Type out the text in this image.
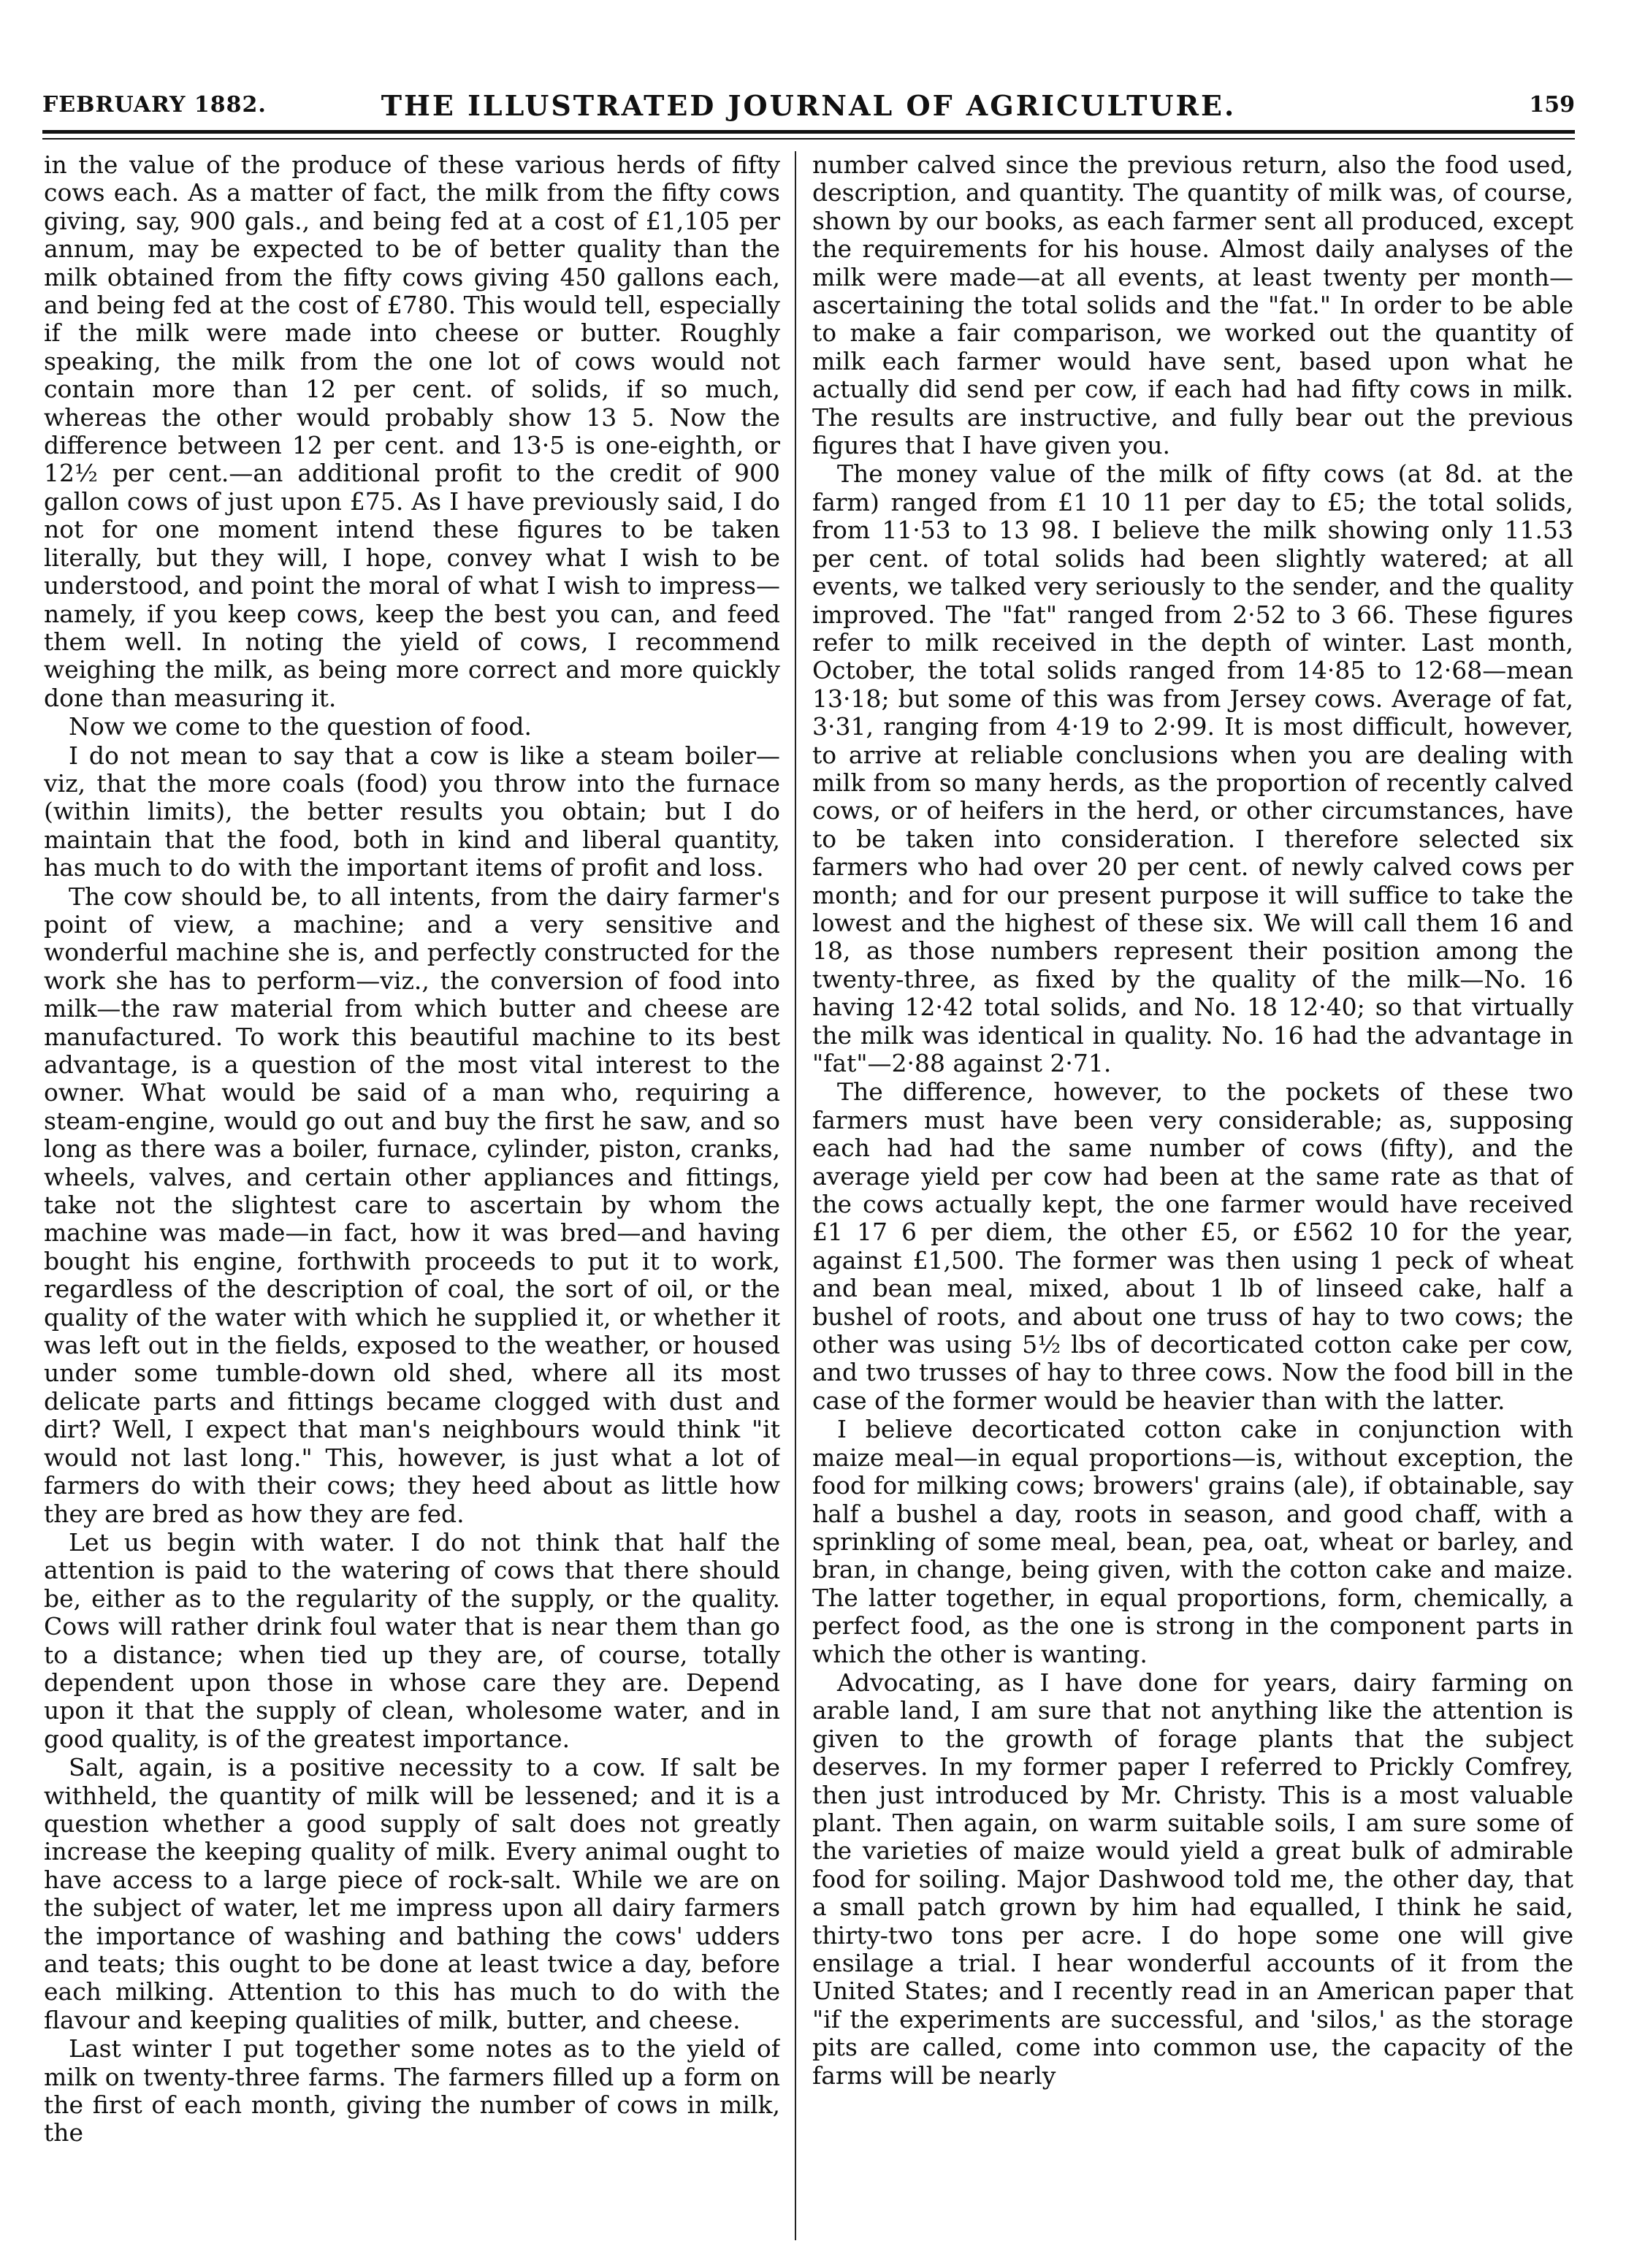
FEBRUARY 1882.	THE ILLUSTRATED JOURNAL OF AGRICULTURE.	159

in the value of the produce of these various herds of fifty cows each. As a matter of fact, the milk from the fifty cows giving, say, 900 gals., and being fed at a cost of £1,105 per annum, may be expected to be of better quality than the milk obtained from the fifty cows giving 450 gallons each, and being fed at the cost of £780. This would tell, especially if the milk were made into cheese or butter. Roughly speaking, the milk from the one lot of cows would not contain more than 12 per cent. of solids, if so much, whereas the other would probably show 13 5. Now the difference between 12 per cent. and 13·5 is one-eighth, or 12½ per cent.—an additional profit to the credit of 900 gallon cows of just upon £75. As I have previously said, I do not for one moment intend these figures to be taken literally, but they will, I hope, convey what I wish to be understood, and point the moral of what I wish to impress—namely, if you keep cows, keep the best you can, and feed them well. In noting the yield of cows, I recommend weighing the milk, as being more correct and more quickly done than measuring it.

Now we come to the question of food.

I do not mean to say that a cow is like a steam boiler—viz, that the more coals (food) you throw into the furnace (within limits), the better results you obtain; but I do maintain that the food, both in kind and liberal quantity, has much to do with the important items of profit and loss.

The cow should be, to all intents, from the dairy farmer's point of view, a machine; and a very sensitive and wonderful machine she is, and perfectly constructed for the work she has to perform—viz., the conversion of food into milk—the raw material from which butter and cheese are manufactured. To work this beautiful machine to its best advantage, is a question of the most vital interest to the owner. What would be said of a man who, requiring a steam-engine, would go out and buy the first he saw, and so long as there was a boiler, furnace, cylinder, piston, cranks, wheels, valves, and certain other appliances and fittings, take not the slightest care to ascertain by whom the machine was made—in fact, how it was bred—and having bought his engine, forthwith proceeds to put it to work, regardless of the description of coal, the sort of oil, or the quality of the water with which he supplied it, or whether it was left out in the fields, exposed to the weather, or housed under some tumble-down old shed, where all its most delicate parts and fittings became clogged with dust and dirt? Well, I expect that man's neighbours would think "it would not last long." This, however, is just what a lot of farmers do with their cows; they heed about as little how they are bred as how they are fed.

Let us begin with water. I do not think that half the attention is paid to the watering of cows that there should be, either as to the regularity of the supply, or the quality. Cows will rather drink foul water that is near them than go to a distance; when tied up they are, of course, totally dependent upon those in whose care they are. Depend upon it that the supply of clean, wholesome water, and in good quality, is of the greatest importance.

Salt, again, is a positive necessity to a cow. If salt be withheld, the quantity of milk will be lessened; and it is a question whether a good supply of salt does not greatly increase the keeping quality of milk. Every animal ought to have access to a large piece of rock-salt. While we are on the subject of water, let me impress upon all dairy farmers the importance of washing and bathing the cows' udders and teats; this ought to be done at least twice a day, before each milking. Attention to this has much to do with the flavour and keeping qualities of milk, butter, and cheese.

Last winter I put together some notes as to the yield of milk on twenty-three farms. The farmers filled up a form on the first of each month, giving the number of cows in milk, the

number calved since the previous return, also the food used, description, and quantity. The quantity of milk was, of course, shown by our books, as each farmer sent all produced, except the requirements for his house. Almost daily analyses of the milk were made—at all events, at least twenty per month—ascertaining the total solids and the "fat." In order to be able to make a fair comparison, we worked out the quantity of milk each farmer would have sent, based upon what he actually did send per cow, if each had had fifty cows in milk. The results are instructive, and fully bear out the previous figures that I have given you.

The money value of the milk of fifty cows (at 8d. at the farm) ranged from £1 10 11 per day to £5; the total solids, from 11·53 to 13 98. I believe the milk showing only 11.53 per cent. of total solids had been slightly watered; at all events, we talked very seriously to the sender, and the quality improved. The "fat" ranged from 2·52 to 3 66. These figures refer to milk received in the depth of winter. Last month, October, the total solids ranged from 14·85 to 12·68—mean 13·18; but some of this was from Jersey cows. Average of fat, 3·31, ranging from 4·19 to 2·99. It is most difficult, however, to arrive at reliable conclusions when you are dealing with milk from so many herds, as the proportion of recently calved cows, or of heifers in the herd, or other circumstances, have to be taken into consideration. I therefore selected six farmers who had over 20 per cent. of newly calved cows per month; and for our present purpose it will suffice to take the lowest and the highest of these six. We will call them 16 and 18, as those numbers represent their position among the twenty-three, as fixed by the quality of the milk—No. 16 having 12·42 total solids, and No. 18 12·40; so that virtually the milk was identical in quality. No. 16 had the advantage in "fat"—2·88 against 2·71.

The difference, however, to the pockets of these two farmers must have been very considerable; as, supposing each had had the same number of cows (fifty), and the average yield per cow had been at the same rate as that of the cows actually kept, the one farmer would have received £1 17 6 per diem, the other £5, or £562 10 for the year, against £1,500. The former was then using 1 peck of wheat and bean meal, mixed, about 1 lb of linseed cake, half a bushel of roots, and about one truss of hay to two cows; the other was using 5½ lbs of decorticated cotton cake per cow, and two trusses of hay to three cows. Now the food bill in the case of the former would be heavier than with the latter.

I believe decorticated cotton cake in conjunction with maize meal—in equal proportions—is, without exception, the food for milking cows; browers' grains (ale), if obtainable, say half a bushel a day, roots in season, and good chaff, with a sprinkling of some meal, bean, pea, oat, wheat or barley, and bran, in change, being given, with the cotton cake and maize. The latter together, in equal proportions, form, chemically, a perfect food, as the one is strong in the component parts in which the other is wanting.

Advocating, as I have done for years, dairy farming on arable land, I am sure that not anything like the attention is given to the growth of forage plants that the subject deserves. In my former paper I referred to Prickly Comfrey, then just introduced by Mr. Christy. This is a most valuable plant. Then again, on warm suitable soils, I am sure some of the varieties of maize would yield a great bulk of admirable food for soiling. Major Dashwood told me, the other day, that a small patch grown by him had equalled, I think he said, thirty-two tons per acre. I do hope some one will give ensilage a trial. I hear wonderful accounts of it from the United States; and I recently read in an American paper that "if the experiments are successful, and 'silos,' as the storage pits are called, come into common use, the capacity of the farms will be nearly
